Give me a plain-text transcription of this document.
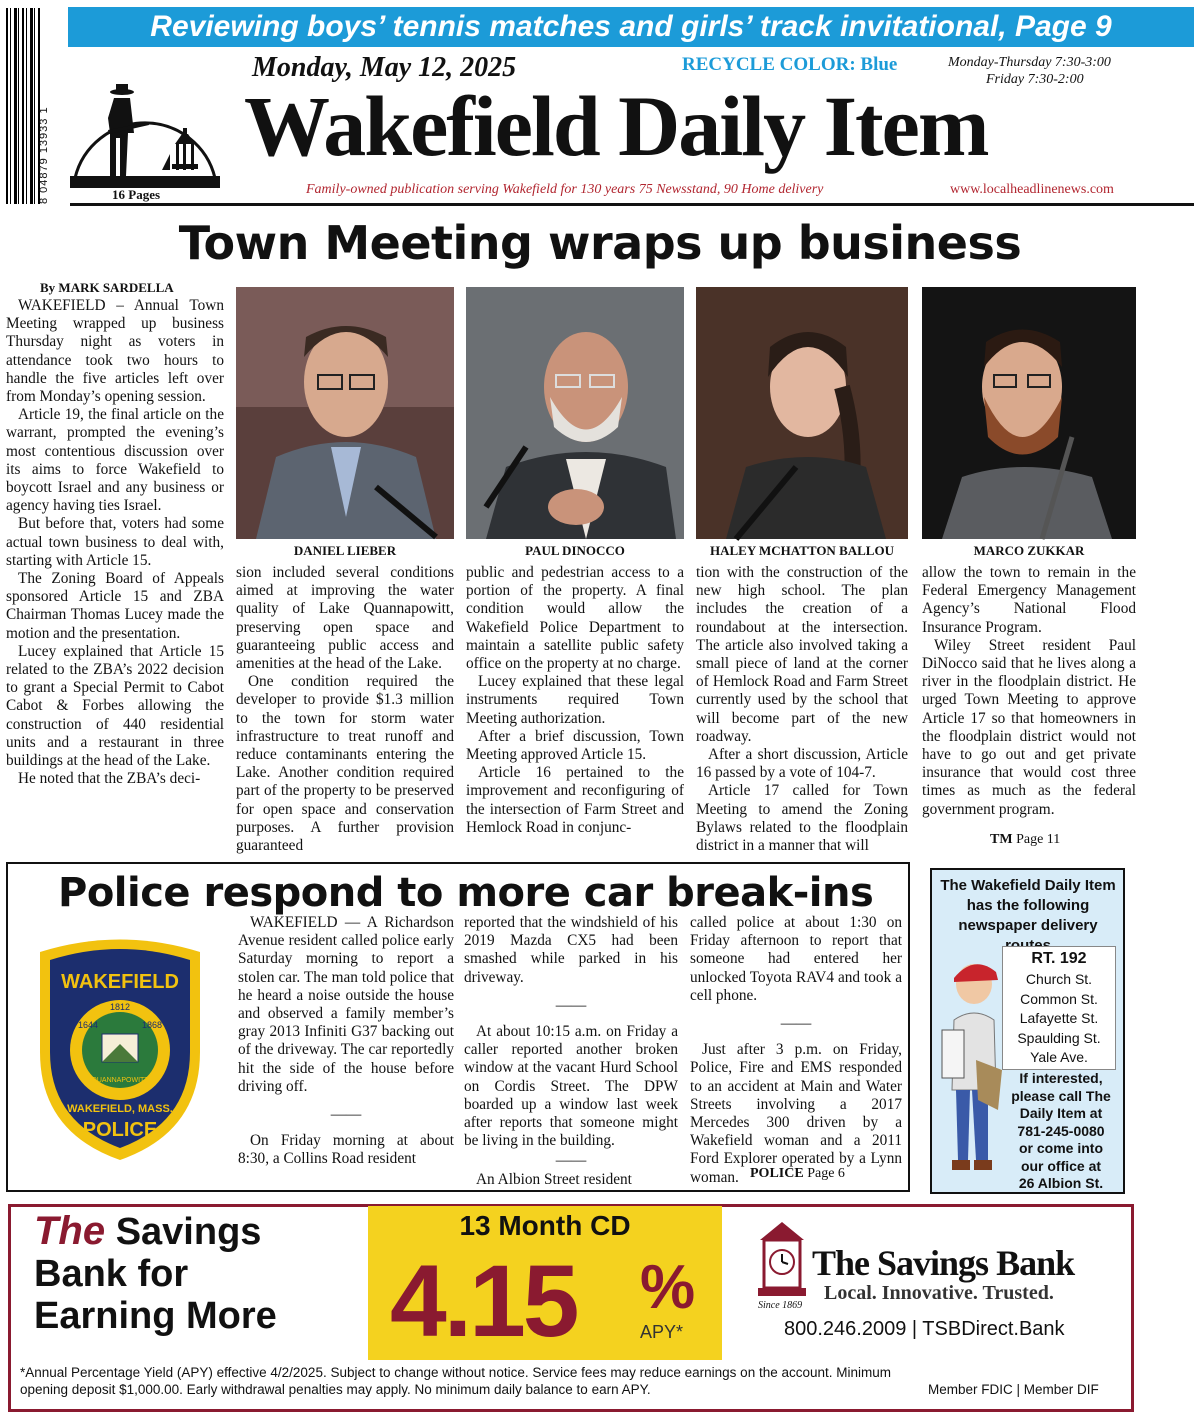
8 04879 13933 1
Reviewing boys’ tennis matches and girls’ track invitational, Page 9
16 Pages
Monday, May 12, 2025	RECYCLE COLOR: Blue	Monday-Thursday 7:30-3:00
Friday 7:30-2:00
Wakefield Daily Item
Family-owned publication serving Wakefield for 130 years 75 Newsstand, 90 Home delivery	www.localheadlinenews.com
Town Meeting wraps up business
By MARK SARDELLA

WAKEFIELD – Annual Town Meeting wrapped up business Thursday night as voters in attendance took two hours to handle the five articles left over from Monday’s opening session.

Article 19, the final article on the warrant, prompted the evening’s most contentious discussion over its aims to force Wakefield to boycott Israel and any business or agency having ties Israel.

But before that, voters had some actual town business to deal with, starting with Article 15.

The Zoning Board of Appeals sponsored Article 15 and ZBA Chairman Thomas Lucey made the motion and the presentation.

Lucey explained that Article 15 related to the ZBA’s 2022 decision to grant a Special Permit to Cabot Cabot & Forbes allowing the construction of 440 residential units and a restaurant in three buildings at the head of the Lake.

He noted that the ZBA’s deci-

DANIEL LIEBER	PAUL DINOCCO	HALEY MCHATTON BALLOU	MARCO ZUKKAR

sion included several conditions aimed at improving the water quality of Lake Quannapowitt, preserving open space and guaranteeing public access and amenities at the head of the Lake.

One condition required the developer to provide $1.3 million to the town for storm water infrastructure to treat runoff and reduce contaminants entering the Lake. Another condition required part of the property to be preserved for open space and conservation purposes. A further provision guaranteed

public and pedestrian access to a portion of the property. A final condition would allow the Wakefield Police Department to maintain a satellite public safety office on the property at no charge.

Lucey explained that these legal instruments required Town Meeting authorization.

After a brief discussion, Town Meeting approved Article 15.

Article 16 pertained to the improvement and reconfiguring of the intersection of Farm Street and Hemlock Road in conjunc-

tion with the construction of the new high school. The plan includes the creation of a roundabout at the intersection. The article also involved taking a small piece of land at the corner of Hemlock Road and Farm Street currently used by the school that will become part of the new roadway.

After a short discussion, Article 16 passed by a vote of 104-7.

Article 17 called for Town Meeting to amend the Zoning Bylaws related to the floodplain district in a manner that will

allow the town to remain in the Federal Emergency Management Agency’s National Flood Insurance Program.

Wiley Street resident Paul DiNocco said that he lives along a river in the floodplain district. He urged Town Meeting to approve Article 17 so that homeowners in the floodplain district would not have to go out and get private insurance that would cost three times as much as the federal government program.

TM Page 11
Police respond to more car break-ins
WAKEFIELD
1644
1812
1868
QUANNAPOWITT
WAKEFIELD, MASS.
POLICE

WAKEFIELD — A Richardson Avenue resident called police early Saturday morning to report a stolen car. The man told police that he heard a noise outside the house and observed a family member’s gray 2013 Infiniti G37 backing out of the driveway. The car reportedly hit the side of the house before driving off.

——

On Friday morning at about 8:30, a Collins Road resident

reported that the windshield of his 2019 Mazda CX5 had been smashed while parked in his driveway.

——

At about 10:15 a.m. on Friday a caller reported another broken window at the vacant Hurd School on Cordis Street. The DPW boarded up a window last week after reports that someone might be living in the building.

——

An Albion Street resident

called police at about 1:30 on Friday afternoon to report that someone had entered her unlocked Toyota RAV4 and took a cell phone.

——

Just after 3 p.m. on Friday, Police, Fire and EMS responded to an accident at Main and Water Streets involving a 2017 Mercedes 300 driven by a Wakefield woman and a 2011 Ford Explorer operated by a Lynn woman. POLICE Page 6
The Wakefield Daily Item
has the following
newspaper delivery
RT. 192
Church St.
Common St.
Lafayette St.
Spaulding St.
Yale Ave.
If interested,
please call The
Daily Item at
781-245-0080
or come into
our office at
26 Albion St.
The Savings
Bank for
Earning More
13 Month CD
4.15 %
APY*
Since 1869
The Savings Bank
Local. Innovative. Trusted.
800.246.2009 | TSBDirect.Bank
*Annual Percentage Yield (APY) effective 4/2/2025. Subject to change without notice. Service fees may reduce earnings on the account. Minimum opening deposit $1,000.00. Early withdrawal penalties may apply. No minimum daily balance to earn APY.	Member FDIC | Member DIF
